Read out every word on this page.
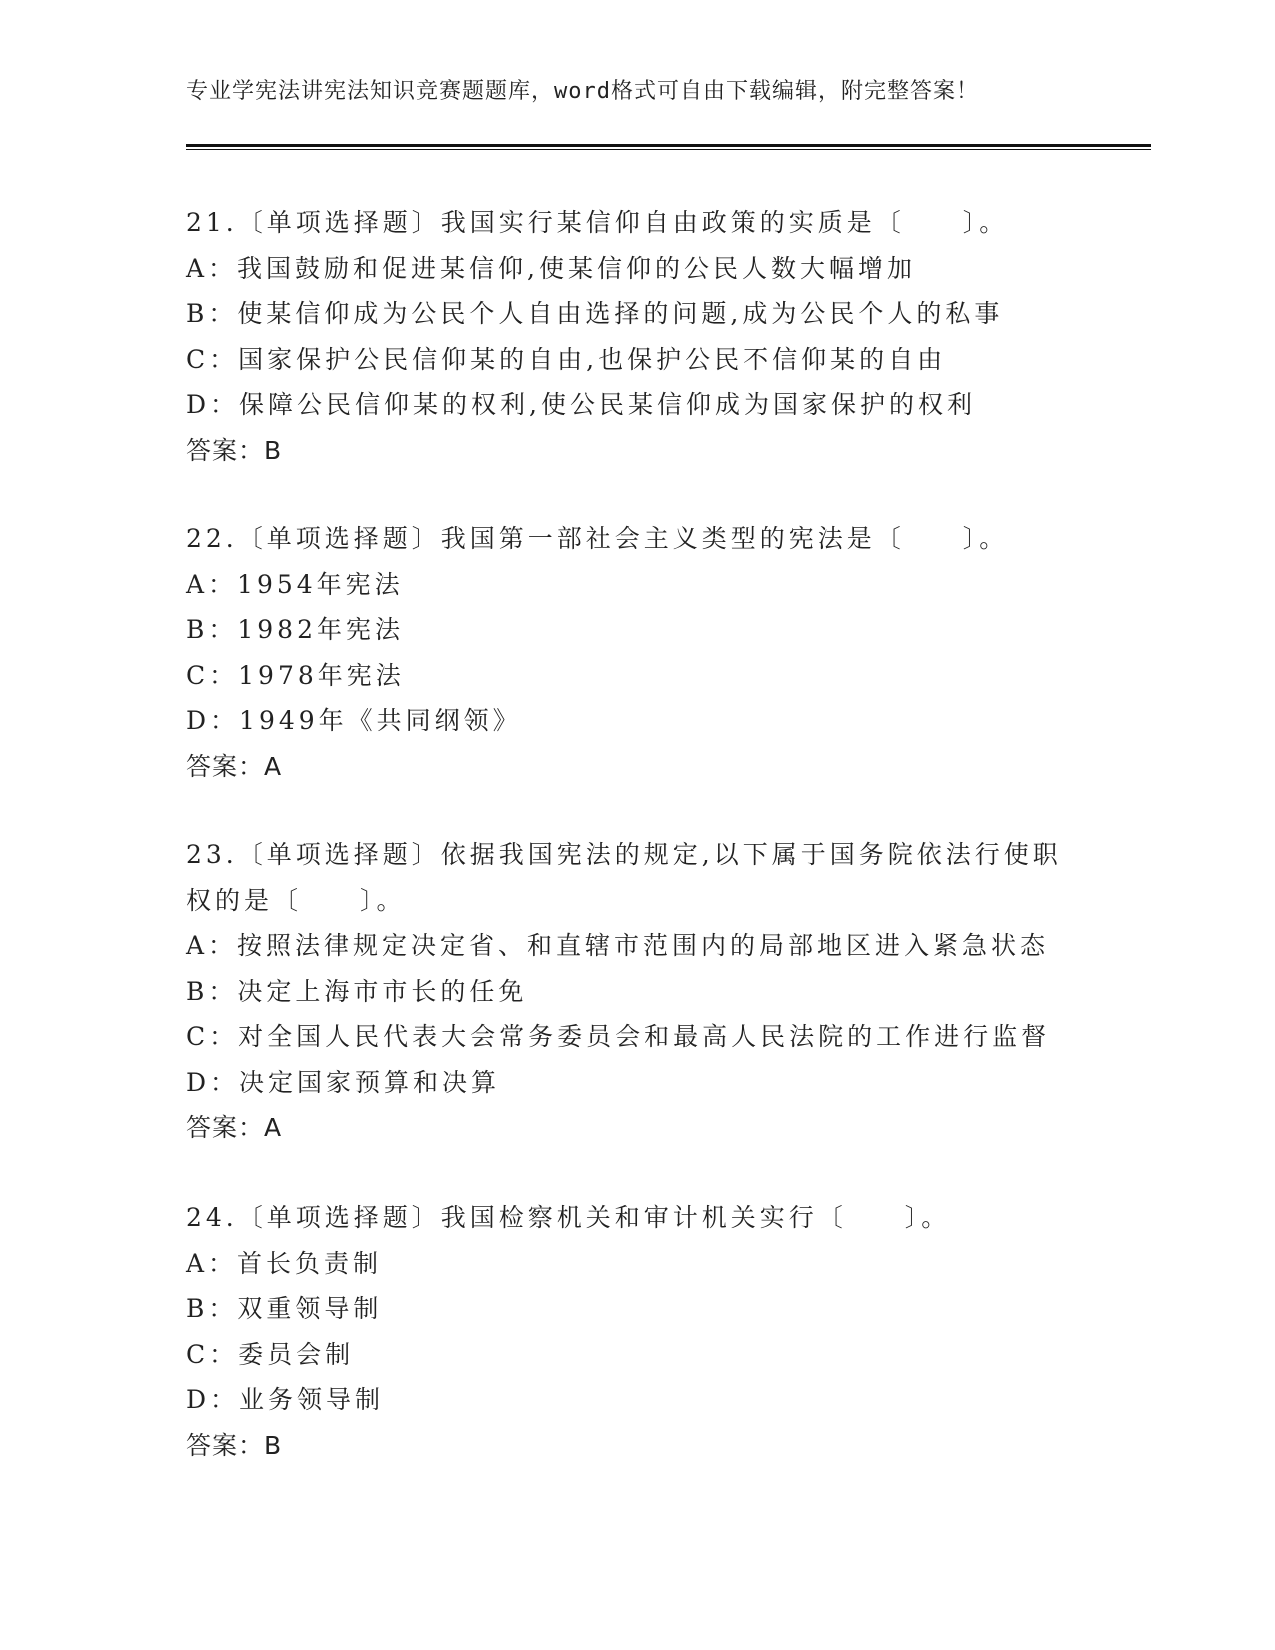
专业学宪法讲宪法知识竞赛题题库，word格式可自由下载编辑，附完整答案！
21.〔单项选择题〕我国实行某信仰自由政策的实质是〔　　〕。
A：我国鼓励和促进某信仰,使某信仰的公民人数大幅增加
B：使某信仰成为公民个人自由选择的问题,成为公民个人的私事
C：国家保护公民信仰某的自由,也保护公民不信仰某的自由
D：保障公民信仰某的权利,使公民某信仰成为国家保护的权利
答案：B
22.〔单项选择题〕我国第一部社会主义类型的宪法是〔　　〕。
A：1954年宪法
B：1982年宪法
C：1978年宪法
D：1949年《共同纲领》
答案：A
23.〔单项选择题〕依据我国宪法的规定,以下属于国务院依法行使职权的是〔　　〕。
A：按照法律规定决定省、和直辖市范围内的局部地区进入紧急状态
B：决定上海市市长的任免
C：对全国人民代表大会常务委员会和最高人民法院的工作进行监督
D：决定国家预算和决算
答案：A
24.〔单项选择题〕我国检察机关和审计机关实行〔　　〕。
A：首长负责制
B：双重领导制
C：委员会制
D：业务领导制
答案：B
